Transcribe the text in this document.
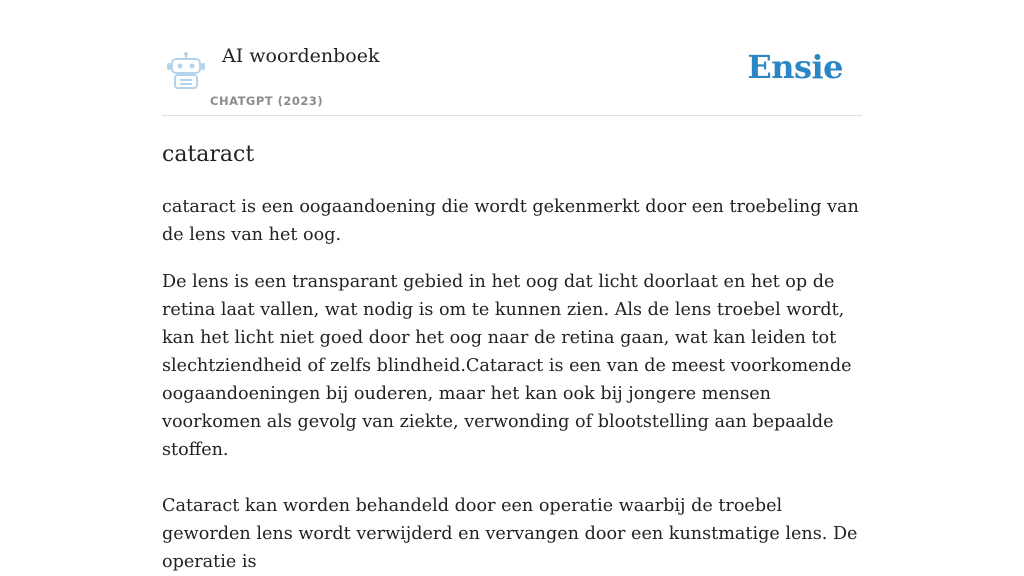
AI woordenboek
CHATGPT (2023)
Ensie
cataract

cataract is een oogaandoening die wordt gekenmerkt door een troebeling van de lens van het oog.

De lens is een transparant gebied in het oog dat licht doorlaat en het op de retina laat vallen, wat nodig is om te kunnen zien. Als de lens troebel wordt, kan het licht niet goed door het oog naar de retina gaan, wat kan leiden tot slechtziendheid of zelfs blindheid.Cataract is een van de meest voorkomende oogaandoeningen bij ouderen, maar het kan ook bij jongere mensen voorkomen als gevolg van ziekte, verwonding of blootstelling aan bepaalde stoffen.

Cataract kan worden behandeld door een operatie waarbij de troebel geworden lens wordt verwijderd en vervangen door een kunstmatige lens. De operatie is
